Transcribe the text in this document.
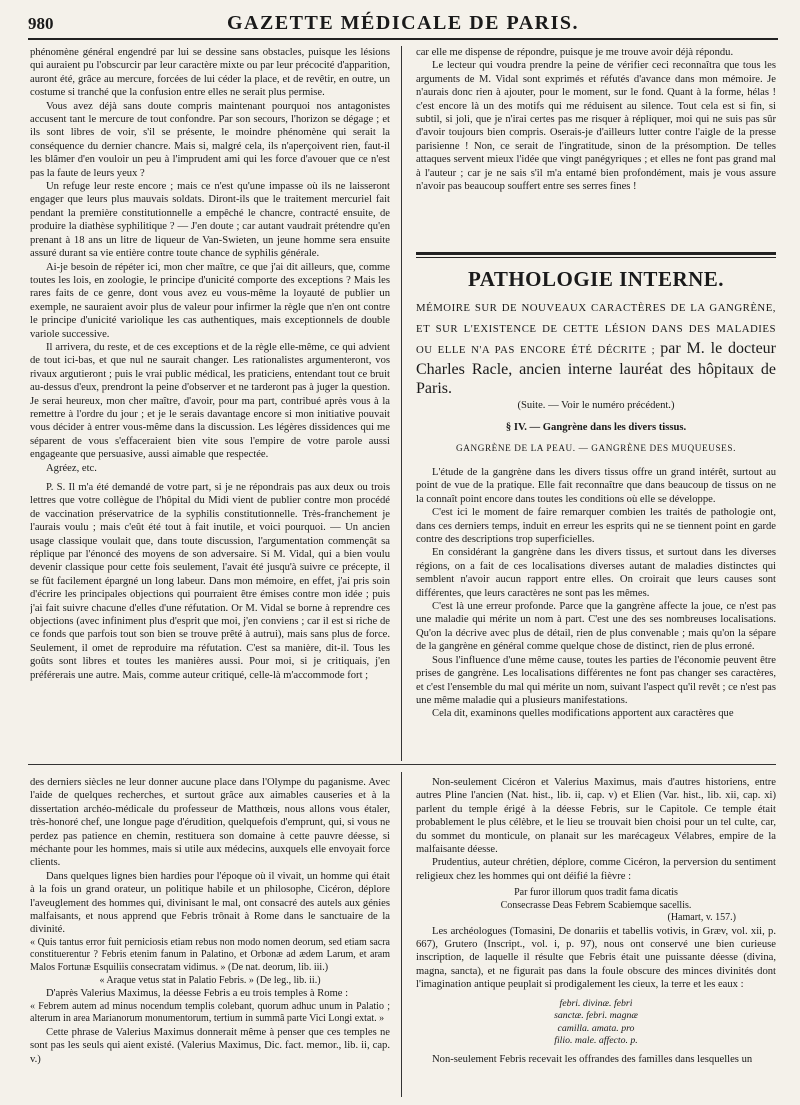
980	GAZETTE MÉDICALE DE PARIS.

phénomène général engendré par lui se dessine sans obstacles, puisque les lésions qui auraient pu l'obscurcir par leur caractère mixte ou par leur précocité d'apparition, auront été, grâce au mercure, forcées de lui céder la place, et de revêtir, en outre, un costume si tranché que la confusion entre elles ne serait plus permise.

Vous avez déjà sans doute compris maintenant pourquoi nos antagonistes accusent tant le mercure de tout confondre. Par son secours, l'horizon se dégage ; et ils sont libres de voir, s'il se présente, le moindre phénomène qui serait la conséquence du dernier chancre. Mais si, malgré cela, ils n'aperçoivent rien, faut-il les blâmer d'en vouloir un peu à l'imprudent ami qui les force d'avouer que ce n'est pas la faute de leurs yeux ?

Un refuge leur reste encore ; mais ce n'est qu'une impasse où ils ne laisseront engager que leurs plus mauvais soldats. Diront-ils que le traitement mercuriel fait pendant la première constitutionnelle a empêché le chancre, contracté ensuite, de produire la diathèse syphilitique ? — J'en doute ; car autant vaudrait prétendre qu'en prenant à 18 ans un litre de liqueur de Van-Swieten, un jeune homme sera ensuite assuré durant sa vie entière contre toute chance de syphilis générale.

Ai-je besoin de répéter ici, mon cher maître, ce que j'ai dit ailleurs, que, comme toutes les lois, en zoologie, le principe d'unicité comporte des exceptions ? Mais les rares faits de ce genre, dont vous avez eu vous-même la loyauté de publier un exemple, ne sauraient avoir plus de valeur pour infirmer la règle que n'en ont contre le principe d'unicité variolique les cas authentiques, mais exceptionnels de double variole successive.

Il arrivera, du reste, et de ces exceptions et de la règle elle-même, ce qui advient de tout ici-bas, et que nul ne saurait changer. Les rationalistes argumenteront, vos rivaux argutieront ; puis le vrai public médical, les praticiens, entendant tout ce bruit au-dessus d'eux, prendront la peine d'observer et ne tarderont pas à juger la question. Je serai heureux, mon cher maître, d'avoir, pour ma part, contribué après vous à la remettre à l'ordre du jour ; et je le serais davantage encore si mon initiative pouvait vous décider à entrer vous-même dans la discussion. Les légères dissidences qui me séparent de vous s'effaceraient bien vite sous l'empire de votre parole aussi engageante que persuasive, aussi aimable que respectée.

Agréez, etc.

P. S. Il m'a été demandé de votre part, si je ne répondrais pas aux deux ou trois lettres que votre collègue de l'hôpital du Midi vient de publier contre mon procédé de vaccination préservatrice de la syphilis constitutionnelle. Très-franchement je l'aurais voulu ; mais c'eût été tout à fait inutile, et voici pourquoi. — Un ancien usage classique voulait que, dans toute discussion, l'argumentation commençât sa réplique par l'énoncé des moyens de son adversaire. Si M. Vidal, qui a bien voulu devenir classique pour cette fois seulement, l'avait été jusqu'à suivre ce précepte, il se fût facilement épargné un long labeur. Dans mon mémoire, en effet, j'ai pris soin d'écrire les principales objections qui pourraient être émises contre mon idée ; puis j'ai fait suivre chacune d'elles d'une réfutation. Or M. Vidal se borne à reprendre ces objections (avec infiniment plus d'esprit que moi, j'en conviens ; car il est si riche de ce fonds que parfois tout son bien se trouve prêté à autrui), mais sans plus de force. Seulement, il omet de reproduire ma réfutation. C'est sa manière, dit-il. Tous les goûts sont libres et toutes les manières aussi. Pour moi, si je critiquais, j'en préférerais une autre. Mais, comme auteur critiqué, celle-là m'accommode fort ;

car elle me dispense de répondre, puisque je me trouve avoir déjà répondu.

Le lecteur qui voudra prendre la peine de vérifier ceci reconnaîtra que tous les arguments de M. Vidal sont exprimés et réfutés d'avance dans mon mémoire. Je n'aurais donc rien à ajouter, pour le moment, sur le fond. Quant à la forme, hélas ! c'est encore là un des motifs qui me réduisent au silence. Tout cela est si fin, si subtil, si joli, que je n'irai certes pas me risquer à répliquer, moi qui ne suis pas sûr d'avoir toujours bien compris. Oserais-je d'ailleurs lutter contre l'aigle de la presse parisienne ! Non, ce serait de l'ingratitude, sinon de la présomption. De telles attaques servent mieux l'idée que vingt panégyriques ; et elles ne font pas grand mal à l'auteur ; car je ne sais s'il m'a entamé bien profondément, mais je vous assure n'avoir pas beaucoup souffert entre ses serres fines !

PATHOLOGIE INTERNE.
MÉMOIRE SUR DE NOUVEAUX CARACTÈRES DE LA GANGRÈNE, ET SUR L'EXISTENCE DE CETTE LÉSION DANS DES MALADIES OU ELLE N'A PAS ENCORE ÉTÉ DÉCRITE ; par M. le docteur Charles Racle, ancien interne lauréat des hôpitaux de Paris.
(Suite. — Voir le numéro précédent.)
§ IV. — Gangrène dans les divers tissus.
GANGRÈNE DE LA PEAU. — GANGRÈNE DES MUQUEUSES.

L'étude de la gangrène dans les divers tissus offre un grand intérêt, surtout au point de vue de la pratique. Elle fait reconnaître que dans beaucoup de tissus on ne la connaît point encore dans toutes les conditions où elle se développe.

C'est ici le moment de faire remarquer combien les traités de pathologie ont, dans ces derniers temps, induit en erreur les esprits qui ne se tiennent point en garde contre des descriptions trop superficielles.

En considérant la gangrène dans les divers tissus, et surtout dans les diverses régions, on a fait de ces localisations diverses autant de maladies distinctes qui semblent n'avoir aucun rapport entre elles. On croirait que leurs causes sont différentes, que leurs caractères ne sont pas les mêmes.

C'est là une erreur profonde. Parce que la gangrène affecte la joue, ce n'est pas une maladie qui mérite un nom à part. C'est une des ses nombreuses localisations. Qu'on la décrive avec plus de détail, rien de plus convenable ; mais qu'on la sépare de la gangrène en général comme quelque chose de distinct, rien de plus erroné.

Sous l'influence d'une même cause, toutes les parties de l'économie peuvent être prises de gangrène. Les localisations différentes ne font pas changer ses caractères, et c'est l'ensemble du mal qui mérite un nom, suivant l'aspect qu'il revêt ; ce n'est pas une même maladie qui a plusieurs manifestations.

Cela dit, examinons quelles modifications apportent aux caractères que

des derniers siècles ne leur donner aucune place dans l'Olympe du paganisme. Avec l'aide de quelques recherches, et surtout grâce aux aimables causeries et à la dissertation archéo-médicale du professeur de Matthœis, nous allons vous étaler, très-honoré chef, une longue page d'érudition, quelquefois d'emprunt, qui, si vous ne perdez pas patience en chemin, restituera son domaine à cette pauvre déesse, si méchante pour les hommes, mais si utile aux médecins, auxquels elle envoyait force clients.

Dans quelques lignes bien hardies pour l'époque où il vivait, un homme qui était à la fois un grand orateur, un politique habile et un philosophe, Cicéron, déplore l'aveuglement des hommes qui, divinisant le mal, ont consacré des autels aux génies malfaisants, et nous apprend que Febris trônait à Rome dans le sanctuaire de la divinité.

« Quis tantus error fuit perniciosis etiam rebus non modo nomen deorum, sed etiam sacra constituerentur ? Febris etenim fanum in Palatino, et Orbonæ ad ædem Larum, et aram Malos Fortunæ Esquiliis consecratam vidimus. » (De nat. deorum, lib. iii.)

« Araque vetus stat in Palatio Febris. » (De leg., lib. ii.)

D'après Valerius Maximus, la déesse Febris a eu trois temples à Rome :

« Febrem autem ad minus nocendum templis colebant, quorum adhuc unum in Palatio ; alterum in area Marianorum monumentorum, tertium in summâ parte Vici Longi extat. »

Cette phrase de Valerius Maximus donnerait même à penser que ces temples ne sont pas les seuls qui aient existé. (Valerius Maximus, Dic. fact. memor., lib. ii, cap. v.)

Non-seulement Cicéron et Valerius Maximus, mais d'autres historiens, entre autres Pline l'ancien (Nat. hist., lib. ii, cap. v) et Elien (Var. hist., lib. xii, cap. xi) parlent du temple érigé à la déesse Febris, sur le Capitole. Ce temple était probablement le plus célèbre, et le lieu se trouvait bien choisi pour un tel culte, car, du sommet du monticule, on planait sur les marécageux Vélabres, empire de la malfaisante déesse.

Prudentius, auteur chrétien, déplore, comme Cicéron, la perversion du sentiment religieux chez les hommes qui ont déifié la fièvre :

Par furor illorum quos tradit fama dicatis
Consecrasse Deas Febrem Scabiemque sacellis.

(Hamart, v. 157.)

Les archéologues (Tomasini, De donariis et tabellis votivis, in Græv, vol. xii, p. 667), Grutero (Inscript., vol. i, p. 97), nous ont conservé une bien curieuse inscription, de laquelle il résulte que Febris était une puissante déesse (divina, magna, sancta), et ne figurait pas dans la foule obscure des minces divinités dont l'imagination antique peuplait si prodigalement les cieux, la terre et les eaux :

febri. divinæ. febri
sanctæ. febri. magnæ
camilla. amata. pro
filio. male. affecto. p.

Non-seulement Febris recevait les offrandes des familles dans lesquelles un
